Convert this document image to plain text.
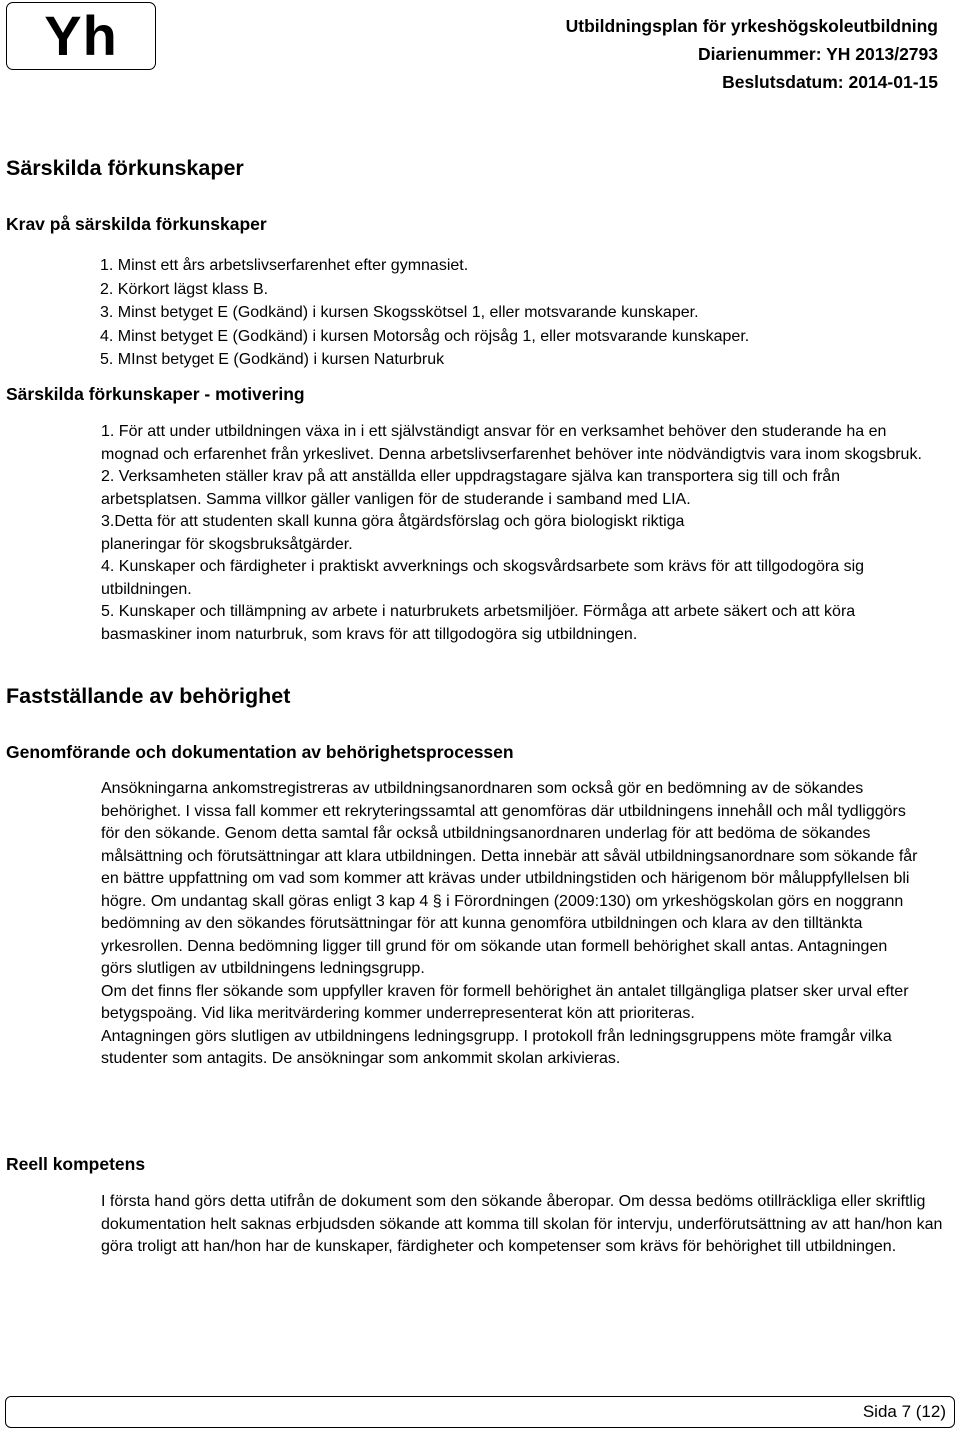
Yh	Utbildningsplan för yrkeshögskoleutbildning
Diarienummer: YH 2013/2793
Beslutsdatum: 2014-01-15
Särskilda förkunskaper
Krav på särskilda förkunskaper
1. Minst ett års arbetslivserfarenhet efter gymnasiet.
2. Körkort lägst klass B.
3. Minst betyget E (Godkänd) i kursen Skogsskötsel 1, eller motsvarande kunskaper.
4. Minst betyget E (Godkänd) i kursen Motorsåg och röjsåg 1, eller motsvarande kunskaper.
5. MInst betyget E (Godkänd) i kursen Naturbruk
Särskilda förkunskaper - motivering

1. För att under utbildningen växa in i ett självständigt ansvar för en verksamhet behöver den studerande ha en mognad och erfarenhet från yrkeslivet. Denna arbetslivserfarenhet behöver inte nödvändigtvis vara inom skogsbruk.

2. Verksamheten ställer krav på att anställda eller uppdragstagare själva kan transportera sig till och från arbetsplatsen. Samma villkor gäller vanligen för de studerande i samband med LIA.

3.Detta för att studenten skall kunna göra åtgärdsförslag och göra biologiskt riktiga planeringar för skogsbruksåtgärder.

4. Kunskaper och färdigheter i praktiskt avverknings och skogsvårdsarbete som krävs för att tillgodogöra sig utbildningen.

5. Kunskaper och tillämpning av arbete i naturbrukets arbetsmiljöer. Förmåga att arbete säkert och att köra basmaskiner inom naturbruk, som kravs för att tillgodogöra sig utbildningen.

Fastställande av behörighet
Genomförande och dokumentation av behörighetsprocessen

Ansökningarna ankomstregistreras av utbildningsanordnaren som också gör en bedömning av de sökandes behörighet. I vissa fall kommer ett rekryteringssamtal att genomföras där utbildningens innehåll och mål tydliggörs för den sökande. Genom detta samtal får också utbildningsanordnaren underlag för att bedöma de sökandes målsättning och förutsättningar att klara utbildningen. Detta innebär att såväl utbildningsanordnare som sökande får en bättre uppfattning om vad som kommer att krävas under utbildningstiden och härigenom bör måluppfyllelsen bli högre. Om undantag skall göras enligt 3 kap 4 § i Förordningen (2009:130) om yrkeshögskolan görs en noggrann bedömning av den sökandes förutsättningar för att kunna genomföra utbildningen och klara av den tilltänkta yrkesrollen. Denna bedömning ligger till grund för om sökande utan formell behörighet skall antas. Antagningen görs slutligen av utbildningens ledningsgrupp.

Om det finns fler sökande som uppfyller kraven för formell behörighet än antalet tillgängliga platser sker urval efter betygspoäng. Vid lika meritvärdering kommer underrepresenterat kön att prioriteras.

Antagningen görs slutligen av utbildningens ledningsgrupp. I protokoll från ledningsgruppens möte framgår vilka studenter som antagits. De ansökningar som ankommit skolan arkivieras.

Reell kompetens

I första hand görs detta utifrån de dokument som den sökande åberopar. Om dessa bedöms otillräckliga eller skriftlig dokumentation helt saknas erbjudsden sökande att komma till skolan för intervju, underförutsättning av att han/hon kan göra troligt att han/hon har de kunskaper, färdigheter och kompetenser som krävs för behörighet till utbildningen.

Sida 7 (12)
